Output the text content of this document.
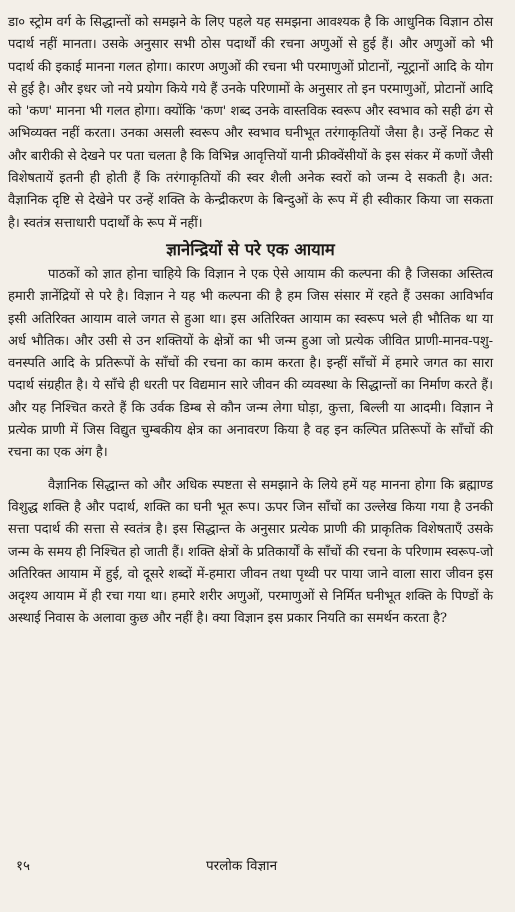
डा० स्ट्रोम वर्ग के सिद्धान्तों को समझने के लिए पहले यह समझना आवश्यक है कि आधुनिक विज्ञान ठोस पदार्थ नहीं मानता। उसके अनुसार सभी ठोस पदार्थों की रचना अणुओं से हुई हैं। और अणुओं को भी पदार्थ की इकाई मानना गलत होगा। कारण अणुओं की रचना भी परमाणुओं प्रोटानों, न्यूट्रानों आदि के योग से हुई है। और इधर जो नये प्रयोग किये गये हैं उनके परिणामों के अनुसार तो इन परमाणुओं, प्रोटानों आदि को 'कण' मानना भी गलत होगा। क्योंकि 'कण' शब्द उनके वास्तविक स्वरूप और स्वभाव को सही ढंग से अभिव्यक्त नहीं करता। उनका असली स्वरूप और स्वभाव घनीभूत तरंगाकृतियों जैसा है। उन्हें निकट से और बारीकी से देखने पर पता चलता है कि विभिन्न आवृत्तियों यानी फ्रीक्वेंसीयों के इस संकर में कणों जैसी विशेषतायें इतनी ही होती हैं कि तरंगाकृतियों की स्वर शैली अनेक स्वरों को जन्म दे सकती है। अत: वैज्ञानिक दृष्टि से देखेने पर उन्हें शक्ति के केन्द्रीकरण के बिन्दुओं के रूप में ही स्वीकार किया जा सकता है। स्वतंत्र सत्ताधारी पदार्थों के रूप में नहीं।

ज्ञानेन्द्रियों से परे एक आयाम

पाठकों को ज्ञात होना चाहिये कि विज्ञान ने एक ऐसे आयाम की कल्पना की है जिसका अस्तित्व हमारी ज्ञानेंद्रियों से परे है। विज्ञान ने यह भी कल्पना की है हम जिस संसार में रहते हैं उसका आविर्भाव इसी अतिरिक्त आयाम वाले जगत से हुआ था। इस अतिरिक्त आयाम का स्वरूप भले ही भौतिक था या अर्ध भौतिक। और उसी से उन शक्तियों के क्षेत्रों का भी जन्म हुआ जो प्रत्येक जीवित प्राणी-मानव-पशु-वनस्पति आदि के प्रतिरूपों के साँचों की रचना का काम करता है। इन्हीं साँचों में हमारे जगत का सारा पदार्थ संग्रहीत है। ये साँचे ही धरती पर विद्यमान सारे जीवन की व्यवस्था के सिद्धान्तों का निर्माण करते हैं। और यह निश्चित करते हैं कि उर्वक डिम्ब से कौन जन्म लेगा घोड़ा, कुत्ता, बिल्ली या आदमी। विज्ञान ने प्रत्येक प्राणी में जिस विद्युत चुम्बकीय क्षेत्र का अनावरण किया है वह इन कल्पित प्रतिरूपों के साँचों की रचना का एक अंग है।

वैज्ञानिक सिद्धान्त को और अधिक स्पष्टता से समझाने के लिये हमें यह मानना होगा कि ब्रह्माण्ड विशुद्ध शक्ति है और पदार्थ, शक्ति का घनी भूत रूप। ऊपर जिन साँचों का उल्लेख किया गया है उनकी सत्ता पदार्थ की सत्ता से स्वतंत्र है। इस सिद्धान्त के अनुसार प्रत्येक प्राणी की प्राकृतिक विशेषताएँ उसके जन्म के समय ही निश्चित हो जाती हैं। शक्ति क्षेत्रों के प्रतिकार्यों के साँचों की रचना के परिणाम स्वरूप-जो अतिरिक्त आयाम में हुई, वो दूसरे शब्दों में-हमारा जीवन तथा पृथ्वी पर पाया जाने वाला सारा जीवन इस अदृश्य आयाम में ही रचा गया था। हमारे शरीर अणुओं, परमाणुओं से निर्मित घनीभूत शक्ति के पिण्डों के अस्थाई निवास के अलावा कुछ और नहीं है। क्या विज्ञान इस प्रकार नियति का समर्थन करता है?

१५	परलोक विज्ञान
